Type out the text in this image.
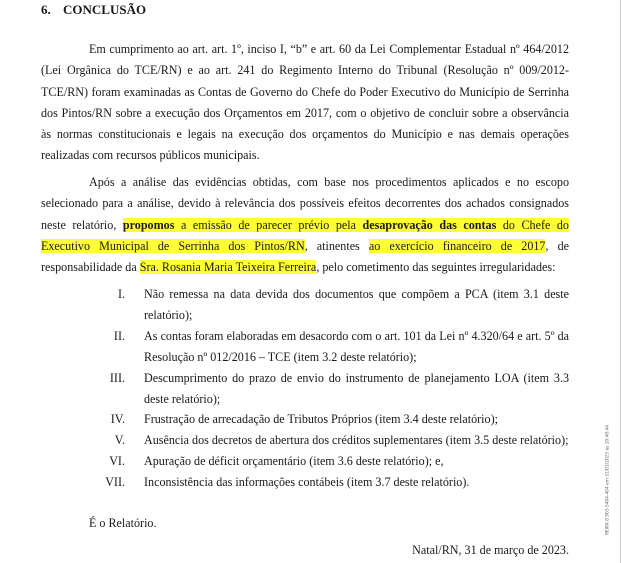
6. CONCLUSÃO
Em cumprimento ao art. art. 1º, inciso I, “b” e art. 60 da Lei Complementar Estadual nº 464/2012 (Lei Orgânica do TCE/RN) e ao art. 241 do Regimento Interno do Tribunal (Resolução nº 009/2012-TCE/RN) foram examinadas as Contas de Governo do Chefe do Poder Executivo do Município de Serrinha dos Pintos/RN sobre a execução dos Orçamentos em 2017, com o objetivo de concluir sobre a observância às normas constitucionais e legais na execução dos orçamentos do Município e nas demais operações realizadas com recursos públicos municipais.
Após a análise das evidências obtidas, com base nos procedimentos aplicados e no escopo selecionado para a análise, devido à relevância dos possíveis efeitos decorrentes dos achados consignados neste relatório, propomos a emissão de parecer prévio pela desaprovação das contas do Chefe do Executivo Municipal de Serrinha dos Pintos/RN, atinentes ao exercício financeiro de 2017, de responsabilidade da Sra. Rosania Maria Teixeira Ferreira, pelo cometimento das seguintes irregularidades:
I. Não remessa na data devida dos documentos que compõem a PCA (item 3.1 deste relatório);
II. As contas foram elaboradas em desacordo com o art. 101 da Lei nº 4.320/64 e art. 5º da Resolução nº 012/2016 – TCE (item 3.2 deste relatório);
III. Descumprimento do prazo de envio do instrumento de planejamento LOA (item 3.3 deste relatório);
IV. Frustração de arrecadação de Tributos Próprios (item 3.4 deste relatório);
V. Ausência dos decretos de abertura dos créditos suplementares (item 3.5 deste relatório);
VI. Apuração de déficit orçamentário (item 3.6 deste relatório); e,
VII. Inconsistência das informações contábeis (item 3.7 deste relatório).
É o Relatório.
Natal/RN, 31 de março de 2023.
REIRA 8.903-5404-404 em 31/03/2023 às 10:48:44
